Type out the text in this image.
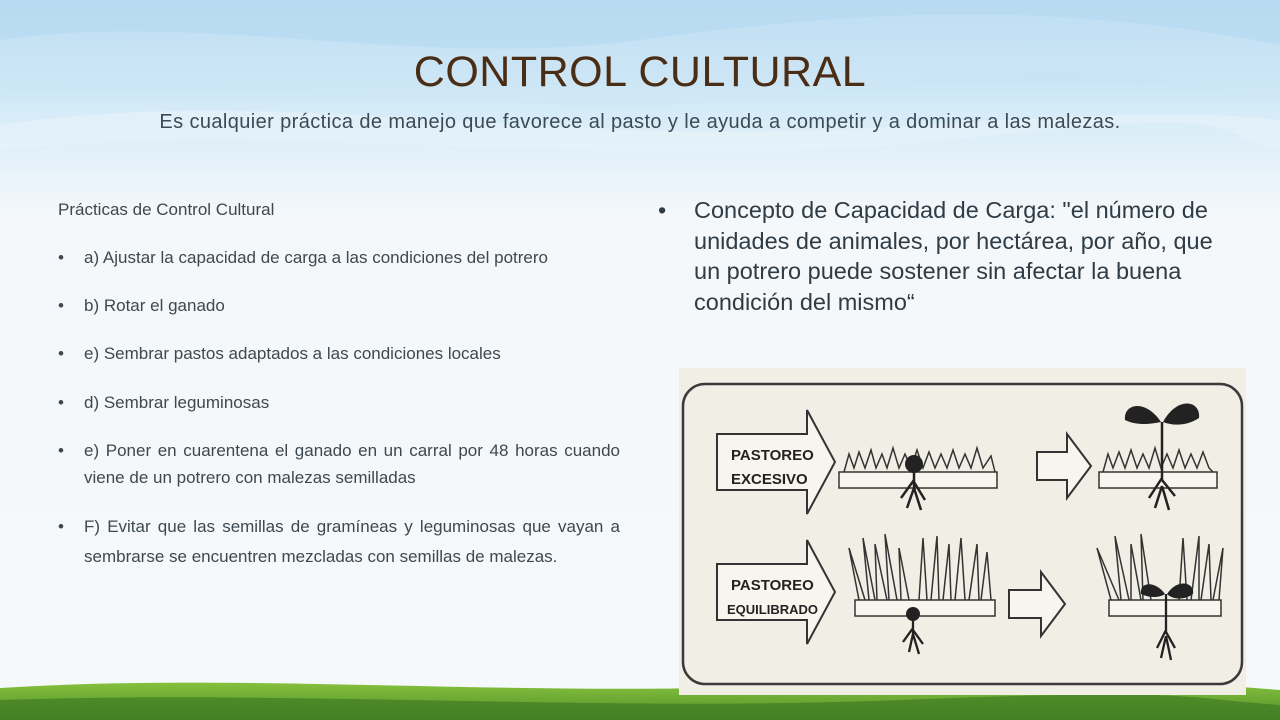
CONTROL CULTURAL
Es cualquier práctica de manejo que favorece al pasto y le ayuda a competir y a dominar a las malezas.
Prácticas de Control Cultural
•	a) Ajustar la capacidad de carga a las condiciones del potrero
•	b) Rotar el ganado
•	e) Sembrar pastos adaptados a las condiciones locales
•	d) Sembrar leguminosas
•	e) Poner en cuarentena el ganado en un carral por 48 horas cuando viene de un potrero con malezas semilladas
•	F) Evitar que las semillas de gramíneas y leguminosas que vayan a sembrarse se encuentren mezcladas con semillas de malezas.
• Concepto de Capacidad de Carga: "el número de unidades de animales, por hectárea, por año, que un potrero puede sostener sin afectar la buena condición del mismo“
PASTOREO
EXCESIVO
PASTOREO
EQUILIBRADO
